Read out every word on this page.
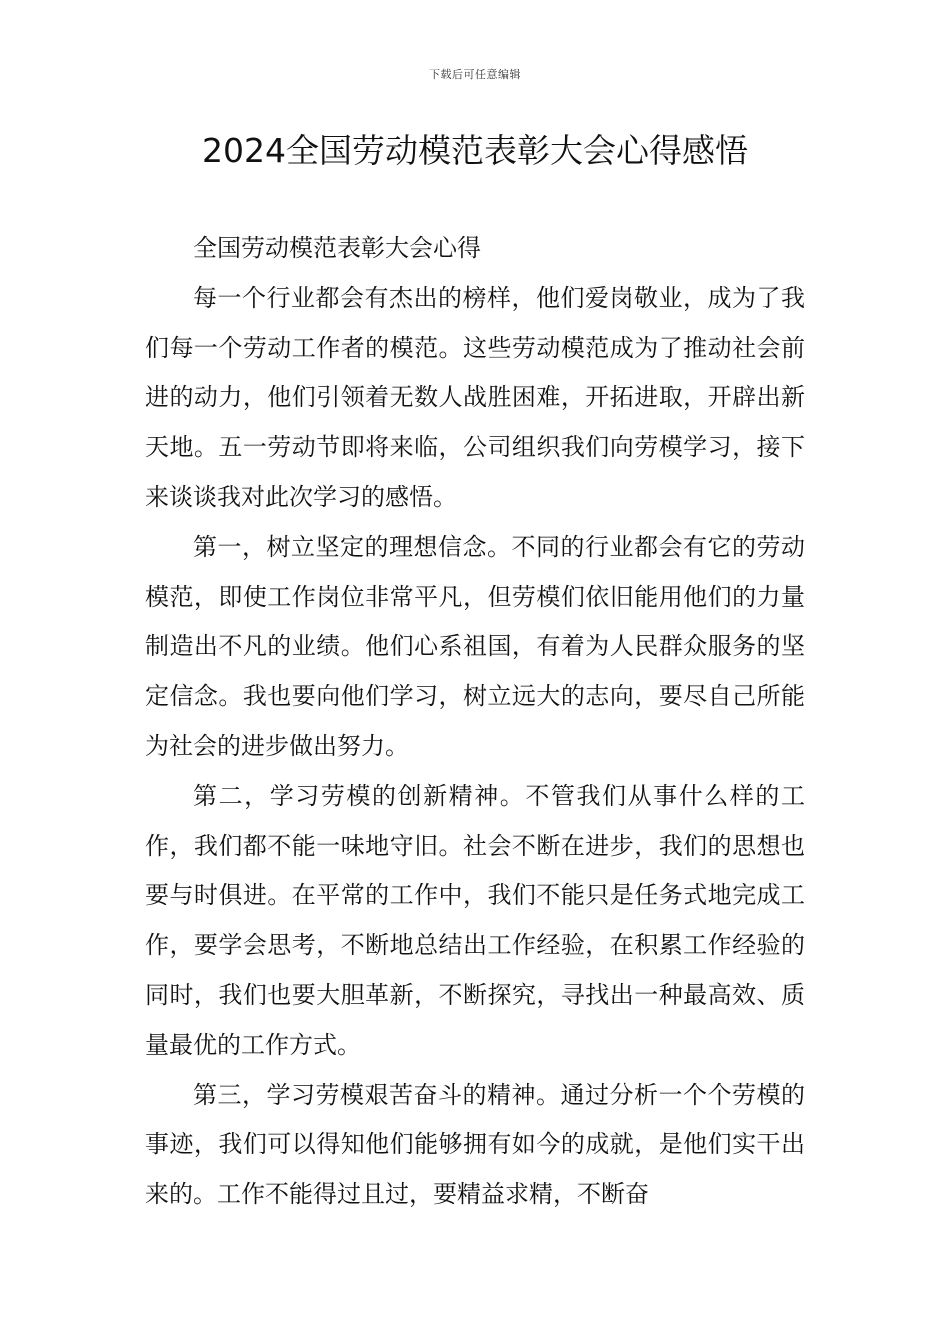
下载后可任意编辑
2024全国劳动模范表彰大会心得感悟

全国劳动模范表彰大会心得

每一个行业都会有杰出的榜样，他们爱岗敬业，成为了我们每一个劳动工作者的模范。这些劳动模范成为了推动社会前进的动力，他们引领着无数人战胜困难，开拓进取，开辟出新天地。五一劳动节即将来临，公司组织我们向劳模学习，接下来谈谈我对此次学习的感悟。

第一，树立坚定的理想信念。不同的行业都会有它的劳动模范，即使工作岗位非常平凡，但劳模们依旧能用他们的力量制造出不凡的业绩。他们心系祖国，有着为人民群众服务的坚定信念。我也要向他们学习，树立远大的志向，要尽自己所能为社会的进步做出努力。

第二，学习劳模的创新精神。不管我们从事什么样的工作，我们都不能一味地守旧。社会不断在进步，我们的思想也要与时俱进。在平常的工作中，我们不能只是任务式地完成工作，要学会思考，不断地总结出工作经验，在积累工作经验的同时，我们也要大胆革新，不断探究，寻找出一种最高效、质量最优的工作方式。

第三，学习劳模艰苦奋斗的精神。通过分析一个个劳模的事迹，我们可以得知他们能够拥有如今的成就，是他们实干出来的。工作不能得过且过，要精益求精，不断奋
